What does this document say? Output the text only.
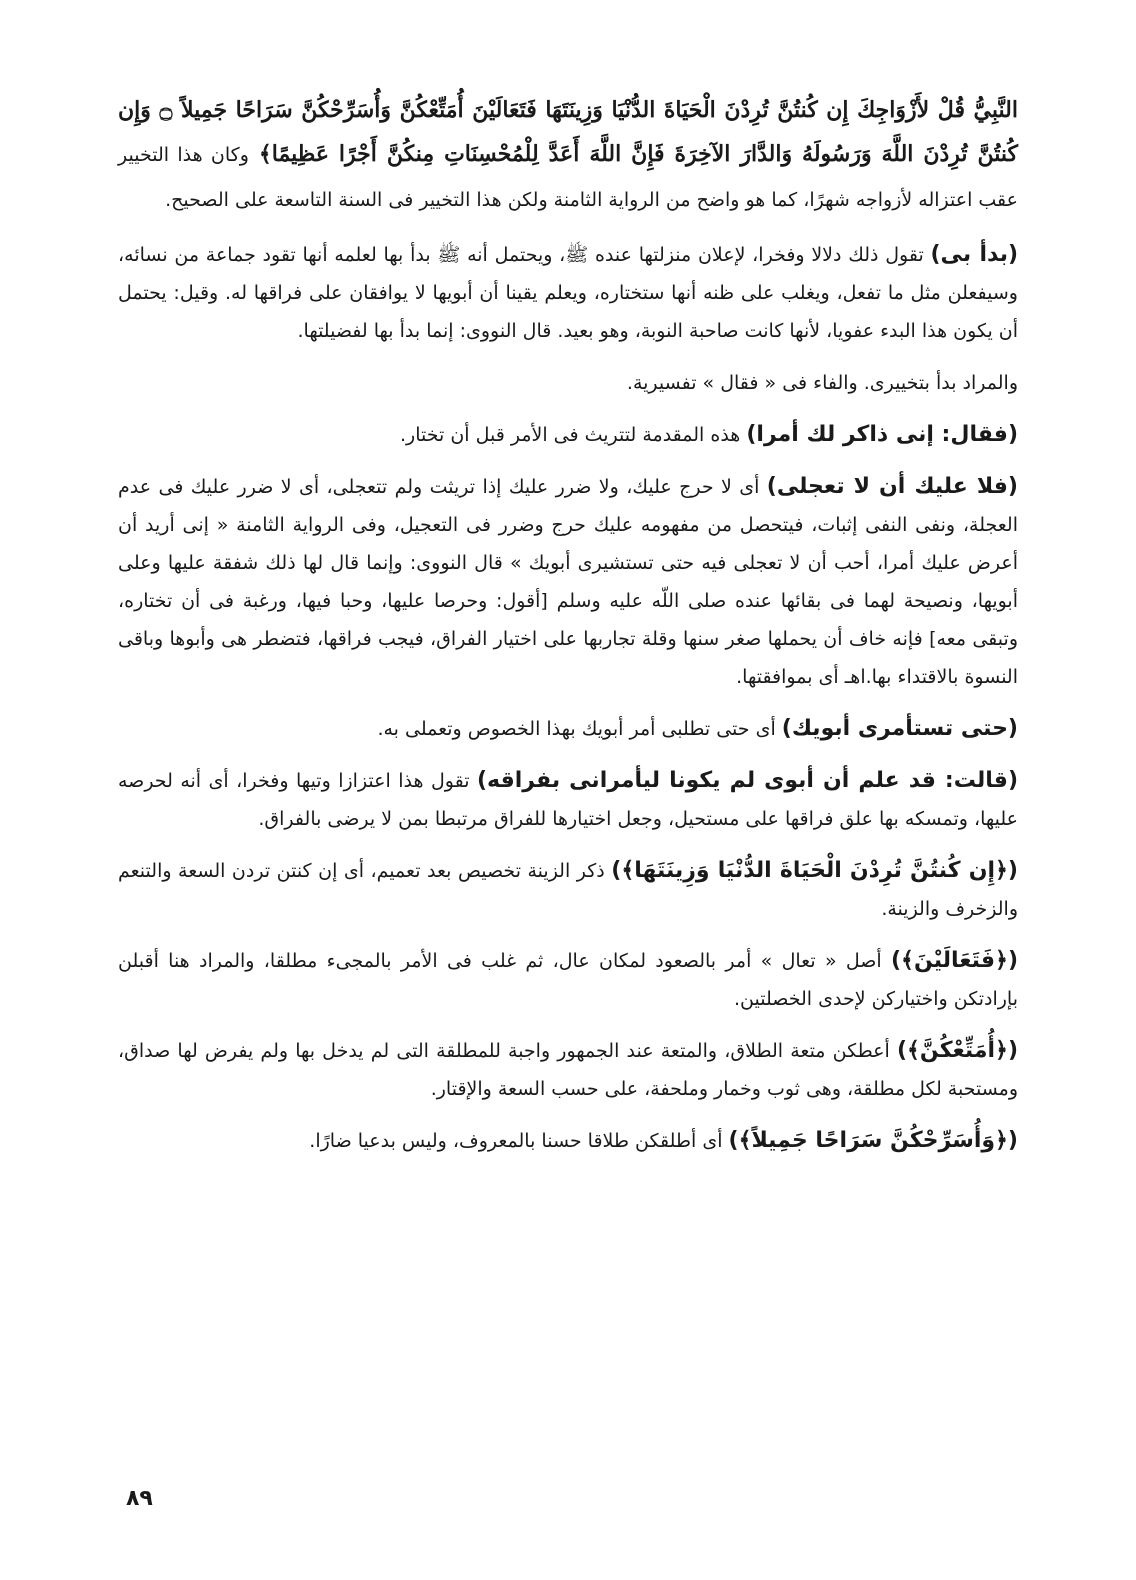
النَّبِيُّ قُلْ لأَزْوَاجِكَ إِن كُنتُنَّ تُرِدْنَ الْحَيَاةَ الدُّنْيَا وَزِينَتَهَا فَتَعَالَيْنَ أُمَتِّعْكُنَّ وَأُسَرِّحْكُنَّ سَرَاحًا جَمِيلاً ۝ وَإِن كُنتُنَّ تُرِدْنَ اللَّهَ وَرَسُولَهُ وَالدَّارَ الآخِرَةَ فَإِنَّ اللَّهَ أَعَدَّ لِلْمُحْسِنَاتِ مِنكُنَّ أَجْرًا عَظِيمًا﴾ وكان هذا التخيير عقب اعتزاله لأزواجه شهرًا، كما هو واضح من الرواية الثامنة ولكن هذا التخيير فى السنة التاسعة على الصحيح.

(بدأ بى) تقول ذلك دلالا وفخرا، لإعلان منزلتها عنده ﷺ، ويحتمل أنه ﷺ بدأ بها لعلمه أنها تقود جماعة من نسائه، وسيفعلن مثل ما تفعل، ويغلب على ظنه أنها ستختاره، ويعلم يقينا أن أبويها لا يوافقان على فراقها له. وقيل: يحتمل أن يكون هذا البدء عفويا، لأنها كانت صاحبة النوبة، وهو بعيد. قال النووى: إنما بدأ بها لفضيلتها.

والمراد بدأ بتخييرى. والفاء فى « فقال » تفسيرية.

(فقال: إنى ذاكر لك أمرا) هذه المقدمة لتتريث فى الأمر قبل أن تختار.

(فلا عليك أن لا تعجلى) أى لا حرج عليك، ولا ضرر عليك إذا تريثت ولم تتعجلى، أى لا ضرر عليك فى عدم العجلة، ونفى النفى إثبات، فيتحصل من مفهومه عليك حرج وضرر فى التعجيل، وفى الرواية الثامنة « إنى أريد أن أعرض عليك أمرا، أحب أن لا تعجلى فيه حتى تستشيرى أبويك » قال النووى: وإنما قال لها ذلك شفقة عليها وعلى أبويها، ونصيحة لهما فى بقائها عنده صلى اللّه عليه وسلم [أقول: وحرصا عليها، وحبا فيها، ورغبة فى أن تختاره، وتبقى معه] فإنه خاف أن يحملها صغر سنها وقلة تجاربها على اختيار الفراق، فيجب فراقها، فتضطر هى وأبوها وباقى النسوة بالاقتداء بها.اهـ أى بموافقتها.

(حتى تستأمرى أبويك) أى حتى تطلبى أمر أبويك بهذا الخصوص وتعملى به.

(قالت: قد علم أن أبوى لم يكونا ليأمرانى بفراقه) تقول هذا اعتزازا وتيها وفخرا، أى أنه لحرصه عليها، وتمسكه بها علق فراقها على مستحيل، وجعل اختيارها للفراق مرتبطا بمن لا يرضى بالفراق.

(﴿إِن كُنتُنَّ تُرِدْنَ الْحَيَاةَ الدُّنْيَا وَزِينَتَهَا﴾) ذكر الزينة تخصيص بعد تعميم، أى إن كنتن تردن السعة والتنعم والزخرف والزينة.

(﴿فَتَعَالَيْنَ﴾) أصل « تعال » أمر بالصعود لمكان عال، ثم غلب فى الأمر بالمجىء مطلقا، والمراد هنا أقبلن بإرادتكن واختياركن لإحدى الخصلتين.

(﴿أُمَتِّعْكُنَّ﴾) أعطكن متعة الطلاق، والمتعة عند الجمهور واجبة للمطلقة التى لم يدخل بها ولم يفرض لها صداق، ومستحبة لكل مطلقة، وهى ثوب وخمار وملحفة، على حسب السعة والإقتار.

(﴿وَأُسَرِّحْكُنَّ سَرَاحًا جَمِيلاً﴾) أى أطلقكن طلاقا حسنا بالمعروف، وليس بدعيا ضارًا.

٨٩
